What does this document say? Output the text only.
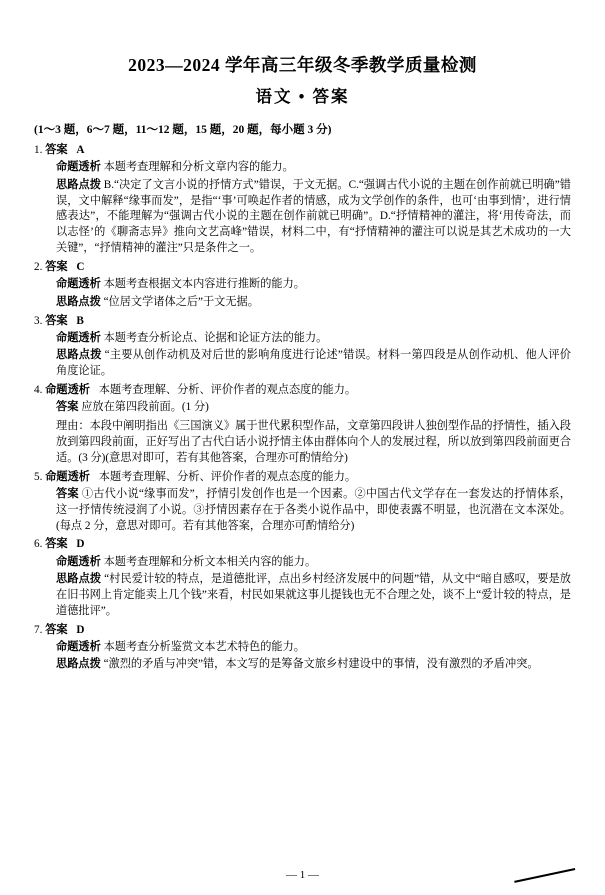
2023—2024 学年高三年级冬季教学质量检测
语文 • 答案
(1～3 题，6～7 题，11～12 题，15 题，20 题，每小题 3 分)
1. 答案 A
命题透析 本题考查理解和分析文章内容的能力。
思路点拨 B.“决定了文言小说的抒情方式”错误，于文无据。C.“强调古代小说的主题在创作前就已明确”错误，文中解释“缘事而发”，是指“‘事’可唤起作者的情感，成为文学创作的条件，也可‘由事到情’，进行情感表达”，不能理解为“强调古代小说的主题在创作前就已明确”。D.“抒情精神的灌注，将‘用传奇法，而以志怪’的《聊斋志异》推向文艺高峰”错误，材料二中，有“抒情精神的灌注可以说是其艺术成功的一大关键”，“抒情精神的灌注”只是条件之一。
2. 答案 C
命题透析 本题考查根据文本内容进行推断的能力。
思路点拨 “位居文学诸体之后”于文无据。
3. 答案 B
命题透析 本题考查分析论点、论据和论证方法的能力。
思路点拨 “主要从创作动机及对后世的影响角度进行论述”错误。材料一第四段是从创作动机、他人评价角度论证。
4. 命题透析 本题考查理解、分析、评价作者的观点态度的能力。
答案 应放在第四段前面。(1 分)
理由：本段中阐明指出《三国演义》属于世代累积型作品，文章第四段讲人独创型作品的抒情性，插入段放到第四段前面，正好写出了古代白话小说抒情主体由群体向个人的发展过程，所以放到第四段前面更合适。(3 分)(意思对即可，若有其他答案，合理亦可酌情给分)
5. 命题透析 本题考查理解、分析、评价作者的观点态度的能力。
答案 ①古代小说“缘事而发”，抒情引发创作也是一个因素。②中国古代文学存在一套发达的抒情体系，这一抒情传统浸润了小说。③抒情因素存在于各类小说作品中，即使表露不明显，也沉潜在文本深处。(每点 2 分，意思对即可。若有其他答案，合理亦可酌情给分)
6. 答案 D
命题透析 本题考查理解和分析文本相关内容的能力。
思路点拨 “村民爱计较的特点，是道德批评，点出乡村经济发展中的问题”错，从文中“暗自感叹，要是放在旧书网上肯定能卖上几个钱”来看，村民如果就这事儿提钱也无不合理之处，谈不上“爱计较的特点，是道德批评”。
7. 答案 D
命题透析 本题考查分析鉴赏文本艺术特色的能力。
思路点拨 “激烈的矛盾与冲突”错，本文写的是筹备文旅乡村建设中的事情，没有激烈的矛盾冲突。
— 1 —
